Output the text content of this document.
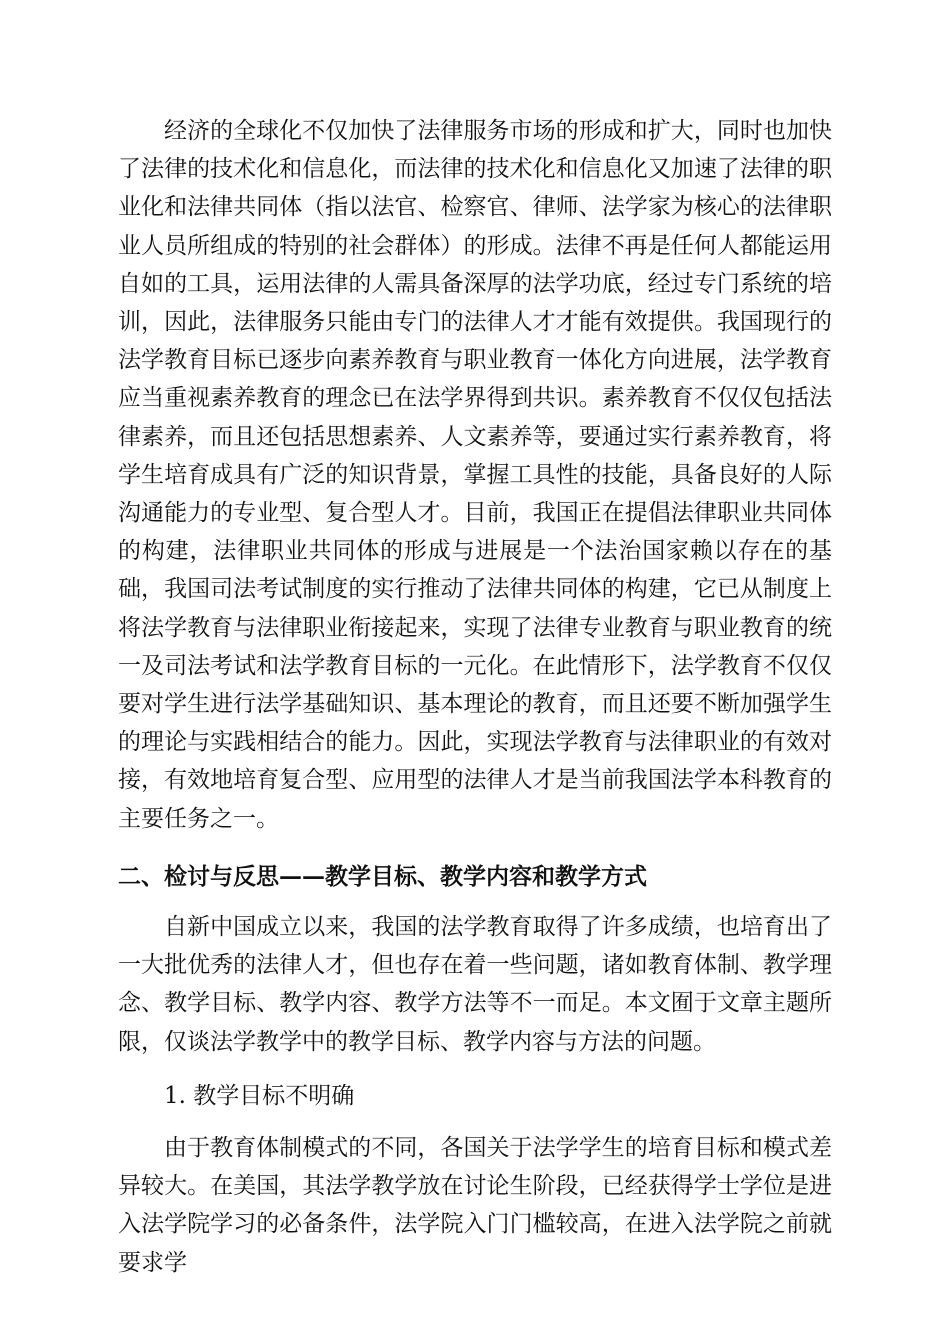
经济的全球化不仅加快了法律服务市场的形成和扩大，同时也加快了法律的技术化和信息化，而法律的技术化和信息化又加速了法律的职业化和法律共同体（指以法官、检察官、律师、法学家为核心的法律职业人员所组成的特别的社会群体）的形成。法律不再是任何人都能运用自如的工具，运用法律的人需具备深厚的法学功底，经过专门系统的培训，因此，法律服务只能由专门的法律人才才能有效提供。我国现行的法学教育目标已逐步向素养教育与职业教育一体化方向进展，法学教育应当重视素养教育的理念已在法学界得到共识。素养教育不仅仅包括法律素养，而且还包括思想素养、人文素养等，要通过实行素养教育，将学生培育成具有广泛的知识背景，掌握工具性的技能，具备良好的人际沟通能力的专业型、复合型人才。目前，我国正在提倡法律职业共同体的构建，法律职业共同体的形成与进展是一个法治国家赖以存在的基础，我国司法考试制度的实行推动了法律共同体的构建，它已从制度上将法学教育与法律职业衔接起来，实现了法律专业教育与职业教育的统一及司法考试和法学教育目标的一元化。在此情形下，法学教育不仅仅要对学生进行法学基础知识、基本理论的教育，而且还要不断加强学生的理论与实践相结合的能力。因此，实现法学教育与法律职业的有效对接，有效地培育复合型、应用型的法律人才是当前我国法学本科教育的主要任务之一。

二、检讨与反思——教学目标、教学内容和教学方式

自新中国成立以来，我国的法学教育取得了许多成绩，也培育出了一大批优秀的法律人才，但也存在着一些问题，诸如教育体制、教学理念、教学目标、教学内容、教学方法等不一而足。本文囿于文章主题所限，仅谈法学教学中的教学目标、教学内容与方法的问题。

1. 教学目标不明确

由于教育体制模式的不同，各国关于法学学生的培育目标和模式差异较大。在美国，其法学教学放在讨论生阶段，已经获得学士学位是进入法学院学习的必备条件，法学院入门门槛较高，在进入法学院之前就要求学
